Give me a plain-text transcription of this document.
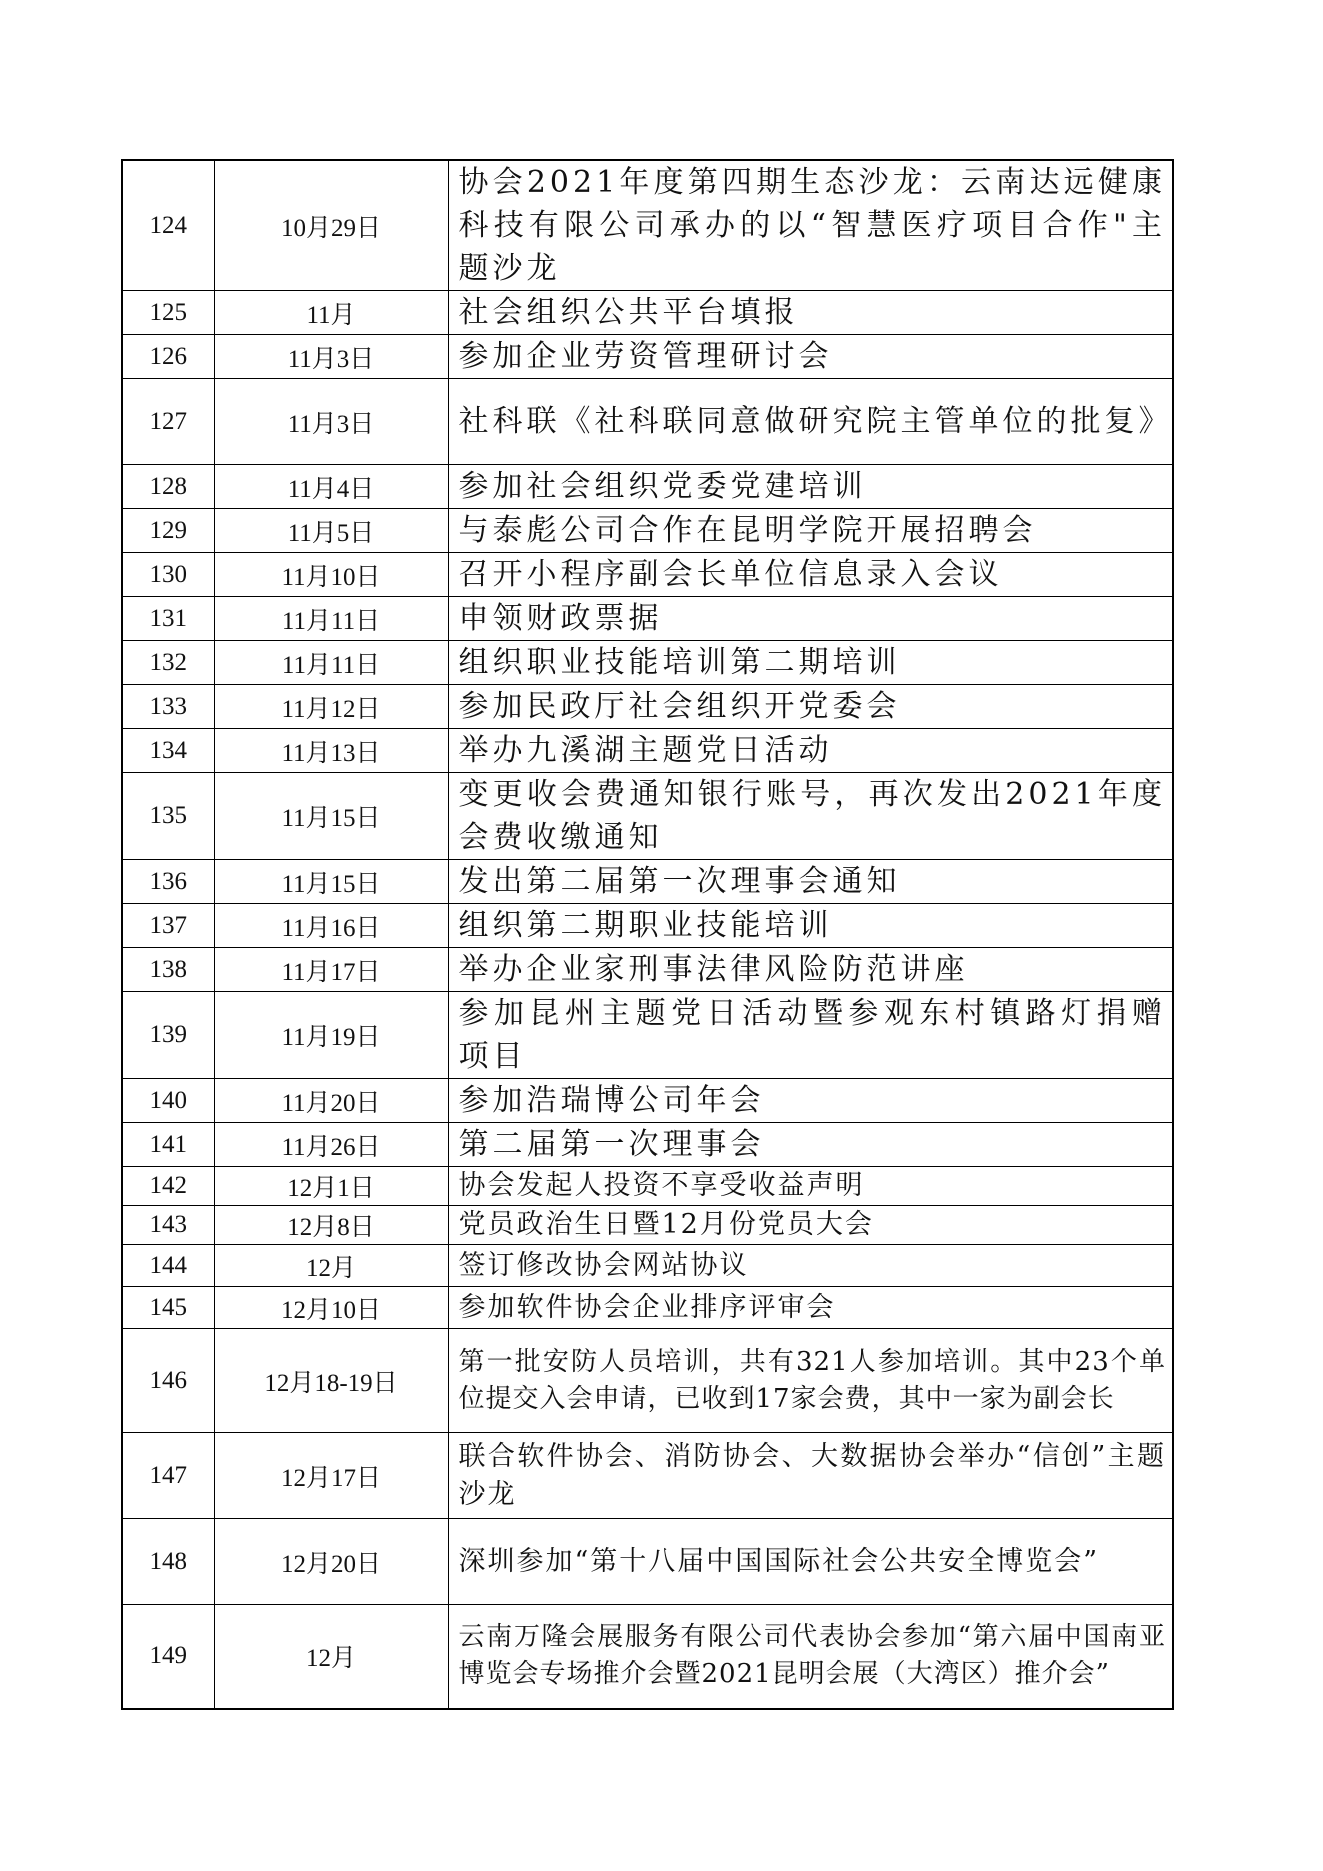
124	10月29日	协会2021年度第四期生态沙龙：云南达远健康科技有限公司承办的以“智慧医疗项目合作"主题沙龙
125	11月	社会组织公共平台填报
126	11月3日	参加企业劳资管理研讨会
127	11月3日	社科联《社科联同意做研究院主管单位的批复》
128	11月4日	参加社会组织党委党建培训
129	11月5日	与泰彪公司合作在昆明学院开展招聘会
130	11月10日	召开小程序副会长单位信息录入会议
131	11月11日	申领财政票据
132	11月11日	组织职业技能培训第二期培训
133	11月12日	参加民政厅社会组织开党委会
134	11月13日	举办九溪湖主题党日活动
135	11月15日	变更收会费通知银行账号，再次发出2021年度会费收缴通知
136	11月15日	发出第二届第一次理事会通知
137	11月16日	组织第二期职业技能培训
138	11月17日	举办企业家刑事法律风险防范讲座
139	11月19日	参加昆州主题党日活动暨参观东村镇路灯捐赠项目
140	11月20日	参加浩瑞博公司年会
141	11月26日	第二届第一次理事会
142	12月1日	协会发起人投资不享受收益声明
143	12月8日	党员政治生日暨12月份党员大会
144	12月	签订修改协会网站协议
145	12月10日	参加软件协会企业排序评审会
146	12月18-19日	第一批安防人员培训，共有321人参加培训。其中23个单位提交入会申请，已收到17家会费，其中一家为副会长
147	12月17日	联合软件协会、消防协会、大数据协会举办“信创”主题沙龙
148	12月20日	深圳参加“第十八届中国国际社会公共安全博览会”
149	12月	云南万隆会展服务有限公司代表协会参加“第六届中国南亚博览会专场推介会暨2021昆明会展（大湾区）推介会”
